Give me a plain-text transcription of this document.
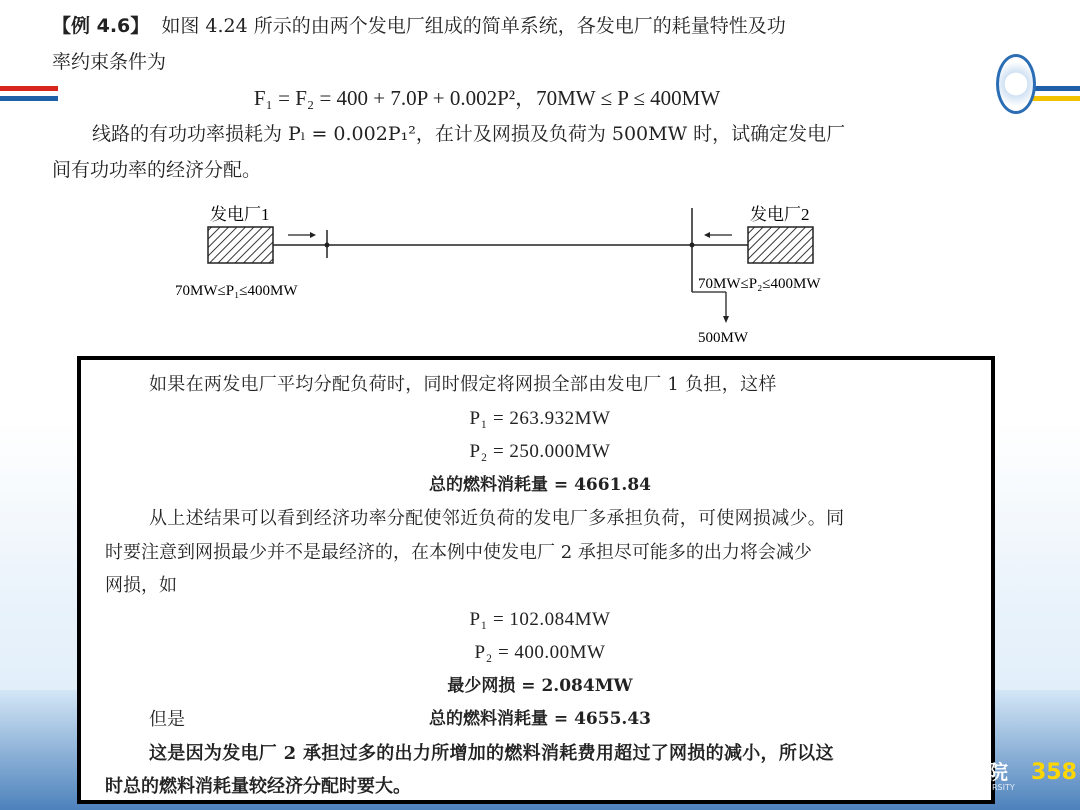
【例 4.6】 如图 4.24 所示的由两个发电厂组成的简单系统，各发电厂的耗量特性及功
率约束条件为
F₁ = F₂ = 400 + 7.0P + 0.002P²，70MW ≤ P ≤ 400MW
线路的有功功率损耗为 Pₗ = 0.002P₁²，在计及网损及负荷为 500MW 时，试确定发电厂
间有功功率的经济分配。
发电厂1	发电厂2
70MW≤P₁≤400MW	70MW≤P₂≤400MW
500MW
如果在两发电厂平均分配负荷时，同时假定将网损全部由发电厂 1 负担，这样
P₁ = 263.932MW
P₂ = 250.000MW
总的燃料消耗量 = 4661.84
从上述结果可以看到经济功率分配使邻近负荷的发电厂多承担负荷，可使网损减少。同
时要注意到网损最少并不是最经济的，在本例中使发电厂 2 承担尽可能多的出力将会减少
网损，如
P₁ = 102.084MW
P₂ = 400.00MW
最少网损 = 2.084MW
但是	总的燃料消耗量 = 4655.43
这是因为发电厂 2 承担过多的出力所增加的燃料消耗费用超过了网损的减小，所以这
时总的燃料消耗量较经济分配时要大。
院
RSITY
358
